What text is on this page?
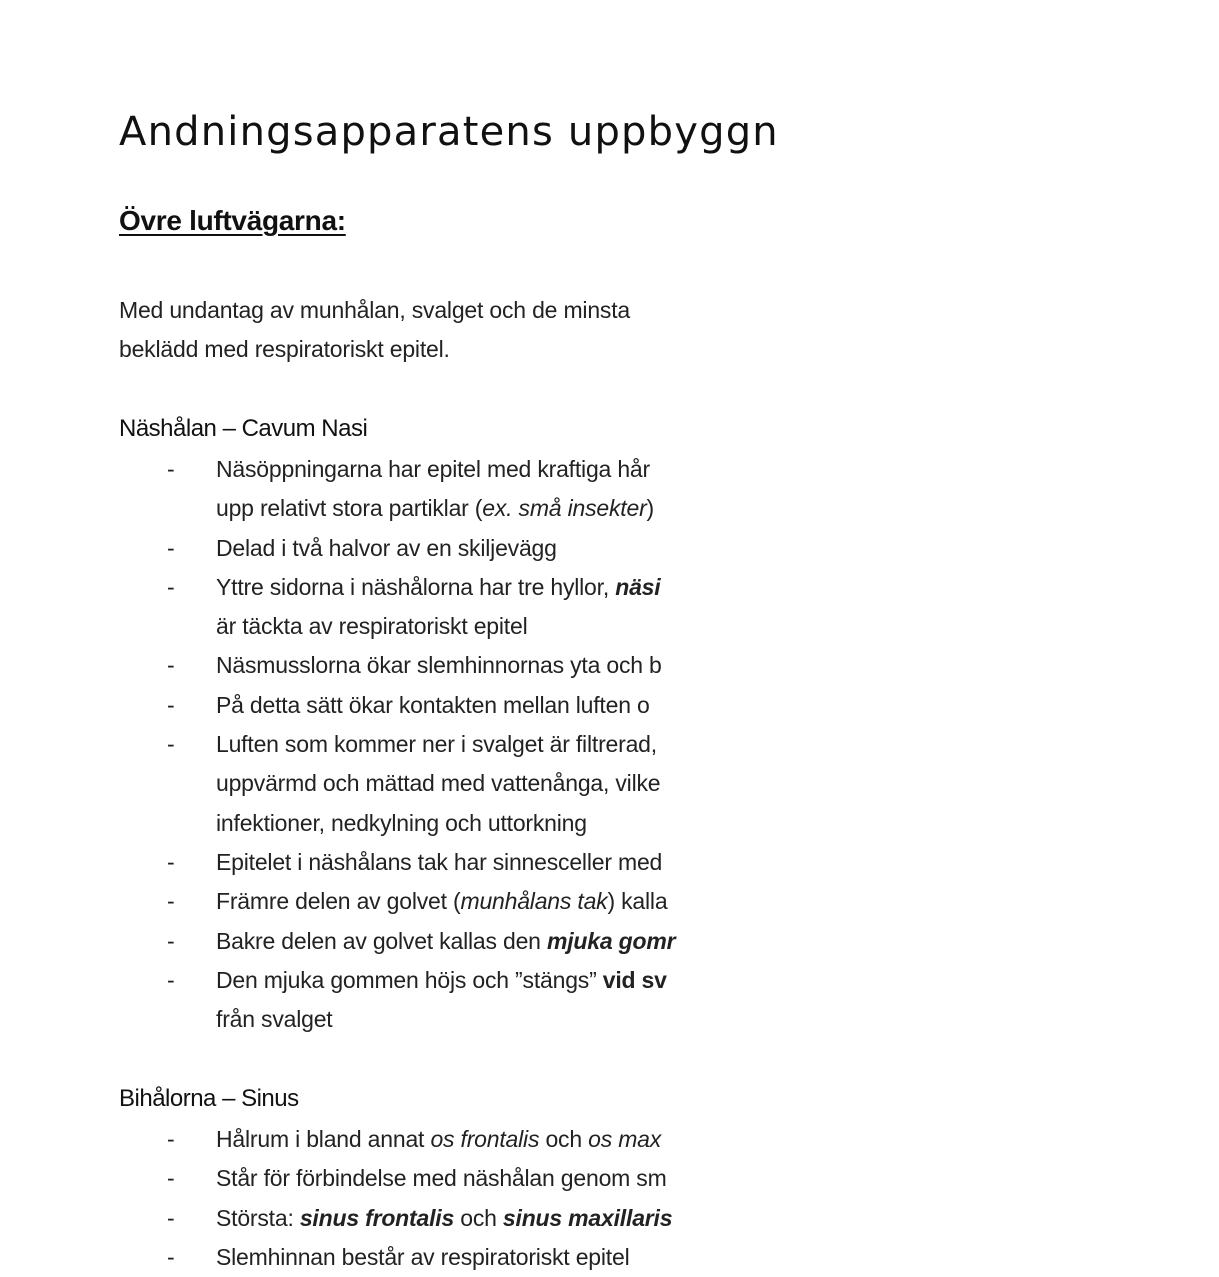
Andningsapparatens uppbyggn
Övre luftvägarna:

Med undantag av munhålan, svalget och de minsta
beklädd med respiratoriskt epitel.

Näshålan – Cavum Nasi
- Näsöppningarna har epitel med kraftiga hår
upp relativt stora partiklar (ex. små insekter)
- Delad i två halvor av en skiljevägg
- Yttre sidorna i näshålorna har tre hyllor, näsi
är täckta av respiratoriskt epitel
- Näsmusslorna ökar slemhinnornas yta och b
- På detta sätt ökar kontakten mellan luften o
- Luften som kommer ner i svalget är filtrerad,
uppvärmd och mättad med vattenånga, vilke
infektioner, nedkylning och uttorkning
- Epitelet i näshålans tak har sinnesceller med
- Främre delen av golvet (munhålans tak) kalla
- Bakre delen av golvet kallas den mjuka gomr
- Den mjuka gommen höjs och ”stängs” vid sv
från svalget
Bihålorna – Sinus
- Hålrum i bland annat os frontalis och os max
- Står för förbindelse med näshålan genom sm
- Största: sinus frontalis och sinus maxillaris
- Slemhinnan består av respiratoriskt epitel
